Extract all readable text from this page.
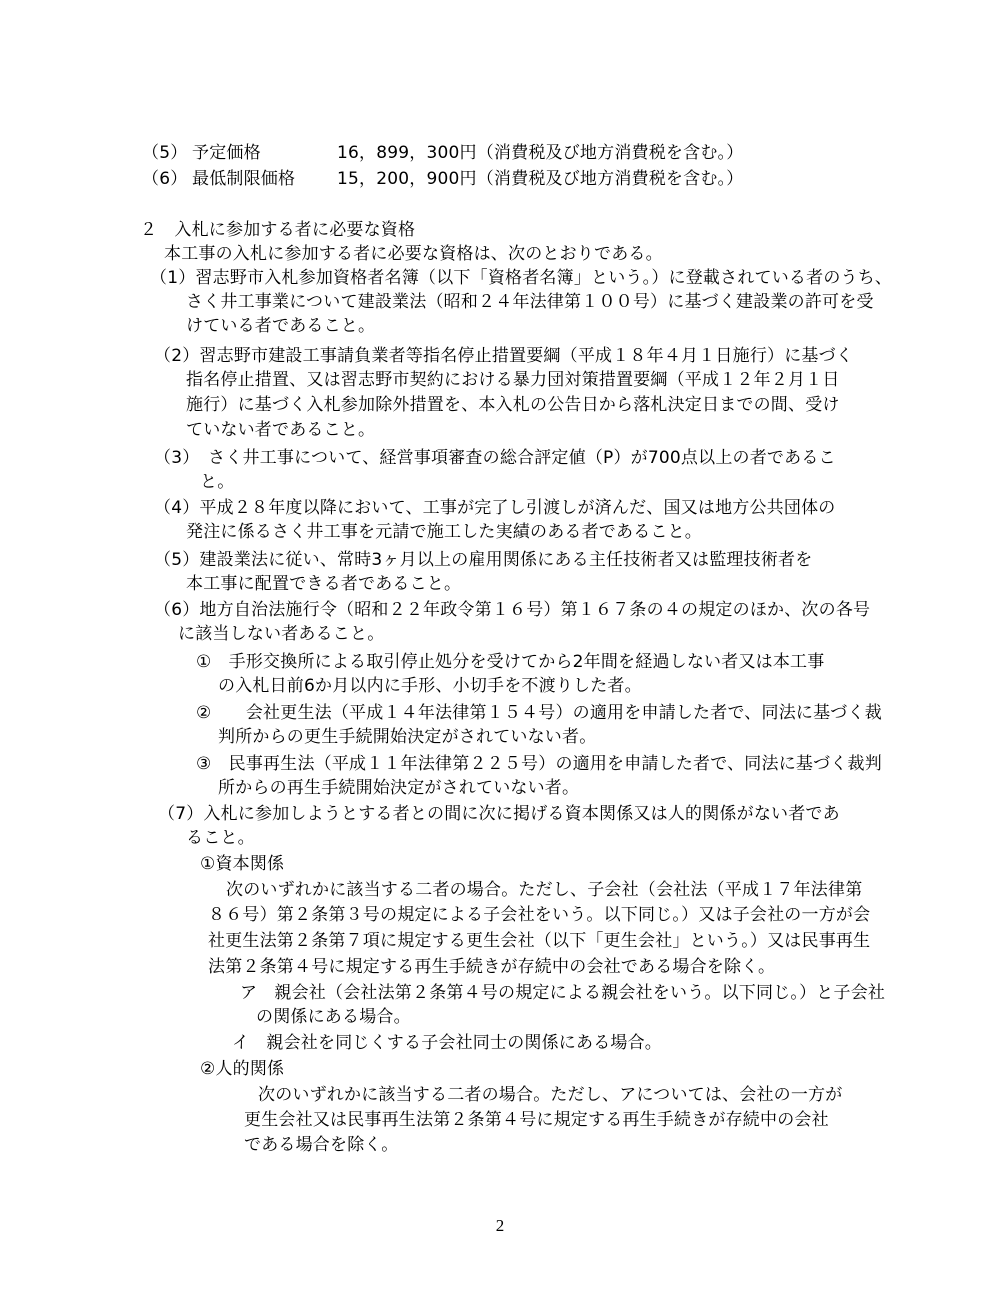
（5） 予定価格	16，899，300円（消費税及び地方消費税を含む。）
（6） 最低制限価格 15，200，900円（消費税及び地方消費税を含む。）
２　入札に参加する者に必要な資格
本工事の入札に参加する者に必要な資格は、次のとおりである。
（1）習志野市入札参加資格者名簿（以下「資格者名簿」という。）に登載されている者のうち、
さく井工事業について建設業法（昭和２４年法律第１００号）に基づく建設業の許可を受
けている者であること。
（2）習志野市建設工事請負業者等指名停止措置要綱（平成１８年４月１日施行）に基づく
指名停止措置、又は習志野市契約における暴力団対策措置要綱（平成１２年２月１日
施行）に基づく入札参加除外措置を、本入札の公告日から落札決定日までの間、受け
ていない者であること。
（3）　さく井工事について、経営事項審査の総合評定値（P）が700点以上の者であるこ
と。
（4）平成２８年度以降において、工事が完了し引渡しが済んだ、国又は地方公共団体の
発注に係るさく井工事を元請で施工した実績のある者であること。
（5）建設業法に従い、常時3ヶ月以上の雇用関係にある主任技術者又は監理技術者を
本工事に配置できる者であること。
（6）地方自治法施行令（昭和２２年政令第１６号）第１６７条の４の規定のほか、次の各号
に該当しない者あること。
①　手形交換所による取引停止処分を受けてから2年間を経過しない者又は本工事
の入札日前6か月以内に手形、小切手を不渡りした者。
②　　会社更生法（平成１４年法律第１５４号）の適用を申請した者で、同法に基づく裁
判所からの更生手続開始決定がされていない者。
③　民事再生法（平成１１年法律第２２５号）の適用を申請した者で、同法に基づく裁判
所からの再生手続開始決定がされていない者。
（7）入札に参加しようとする者との間に次に掲げる資本関係又は人的関係がない者であ
ること。
①資本関係
次のいずれかに該当する二者の場合。ただし、子会社（会社法（平成１７年法律第
８６号）第２条第３号の規定による子会社をいう。以下同じ。）又は子会社の一方が会
社更生法第２条第７項に規定する更生会社（以下「更生会社」という。）又は民事再生
法第２条第４号に規定する再生手続きが存続中の会社である場合を除く。
ア　親会社（会社法第２条第４号の規定による親会社をいう。以下同じ。）と子会社
の関係にある場合。
イ　親会社を同じくする子会社同士の関係にある場合。
②人的関係
次のいずれかに該当する二者の場合。ただし、アについては、会社の一方が
更生会社又は民事再生法第２条第４号に規定する再生手続きが存続中の会社
である場合を除く。
2
